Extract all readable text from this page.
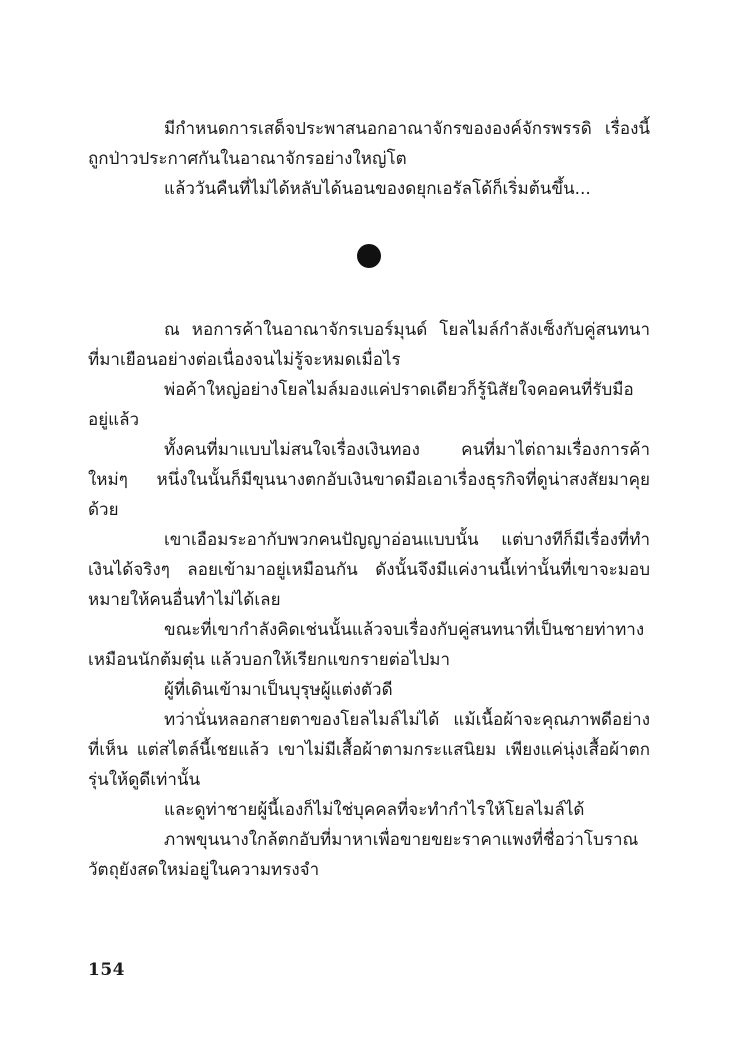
มีกำหนดการเสด็จประพาสนอกอาณาจักรขององค์จักรพรรดิ เรื่องนี้ถูกป่าวประกาศกันในอาณาจักรอย่างใหญ่โต

แล้ววันคืนที่ไม่ได้หลับได้นอนของดยุกเอรัลโด้ก็เริ่มต้นขึ้น...

ณ หอการค้าในอาณาจักรเบอร์มุนด์ โยลไมล์กำลังเซ็งกับคู่สนทนาที่มาเยือนอย่างต่อเนื่องจนไม่รู้จะหมดเมื่อไร

พ่อค้าใหญ่อย่างโยลไมล์มองแค่ปราดเดียวก็รู้นิสัยใจคอคนที่รับมืออยู่แล้ว

ทั้งคนที่มาแบบไม่สนใจเรื่องเงินทอง คนที่มาไต่ถามเรื่องการค้าใหม่ๆ หนึ่งในนั้นก็มีขุนนางตกอับเงินขาดมือเอาเรื่องธุรกิจที่ดูน่าสงสัยมาคุยด้วย

เขาเอือมระอากับพวกคนปัญญาอ่อนแบบนั้น แต่บางทีก็มีเรื่องที่ทำเงินได้จริงๆ ลอยเข้ามาอยู่เหมือนกัน ดังนั้นจึงมีแค่งานนี้เท่านั้นที่เขาจะมอบหมายให้คนอื่นทำไม่ได้เลย

ขณะที่เขากำลังคิดเช่นนั้นแล้วจบเรื่องกับคู่สนทนาที่เป็นชายท่าทางเหมือนนักต้มตุ๋น แล้วบอกให้เรียกแขกรายต่อไปมา

ผู้ที่เดินเข้ามาเป็นบุรุษผู้แต่งตัวดี

ทว่านั่นหลอกสายตาของโยลไมล์ไม่ได้ แม้เนื้อผ้าจะคุณภาพดีอย่างที่เห็น แต่สไตล์นี้เชยแล้ว เขาไม่มีเสื้อผ้าตามกระแสนิยม เพียงแค่นุ่งเสื้อผ้าตกรุ่นให้ดูดีเท่านั้น

และดูท่าชายผู้นี้เองก็ไม่ใช่บุคคลที่จะทำกำไรให้โยลไมล์ได้

ภาพขุนนางใกล้ตกอับที่มาหาเพื่อขายขยะราคาแพงที่ชื่อว่าโบราณวัตถุยังสดใหม่อยู่ในความทรงจำ

154
